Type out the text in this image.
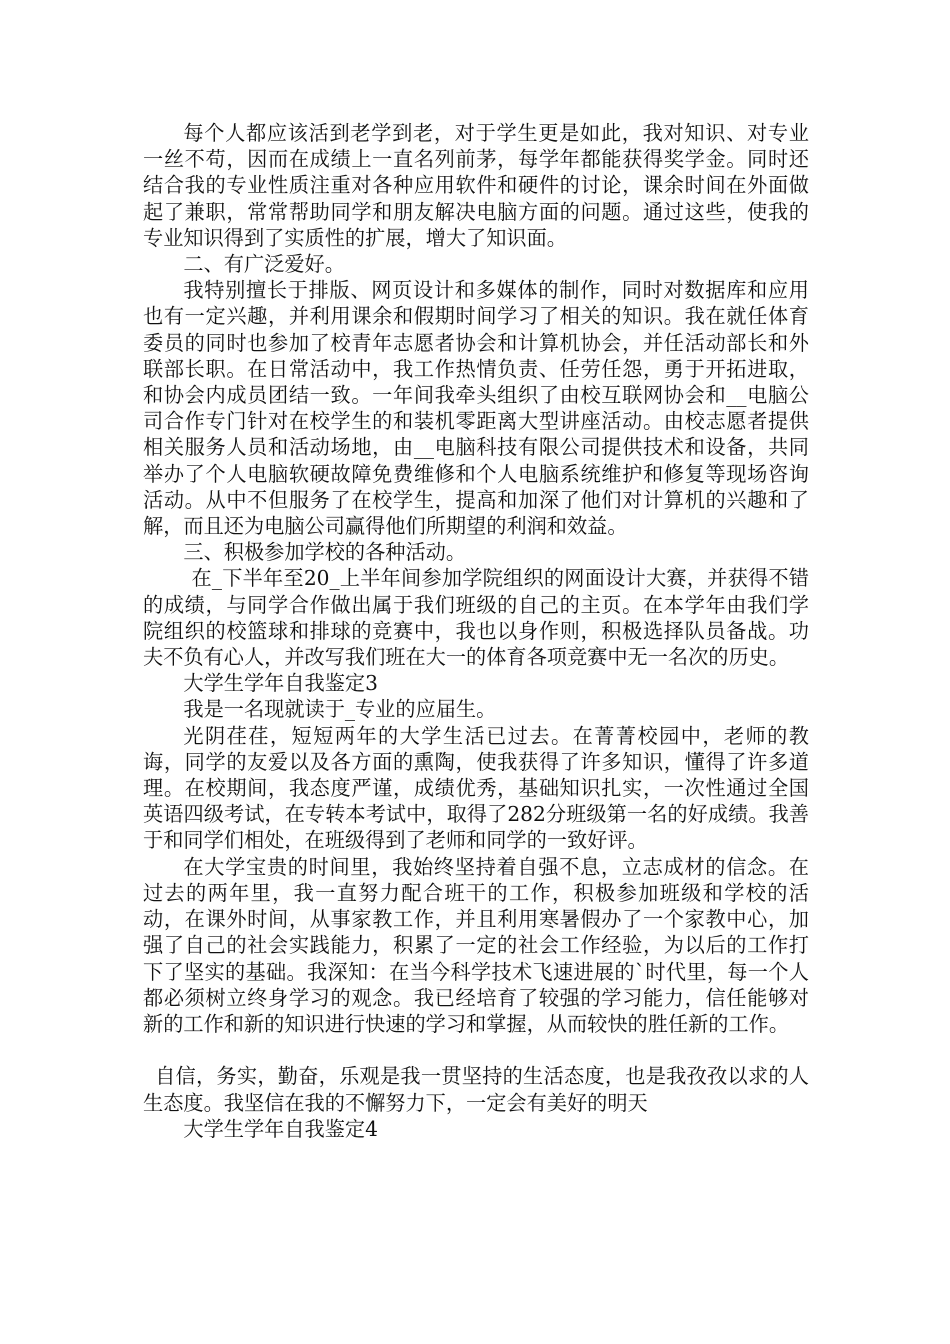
每个人都应该活到老学到老，对于学生更是如此，我对知识、对专业一丝不苟，因而在成绩上一直名列前茅，每学年都能获得奖学金。同时还结合我的专业性质注重对各种应用软件和硬件的讨论，课余时间在外面做起了兼职，常常帮助同学和朋友解决电脑方面的问题。通过这些，使我的专业知识得到了实质性的扩展，增大了知识面。

二、有广泛爱好。

我特别擅长于排版、网页设计和多媒体的制作，同时对数据库和应用也有一定兴趣，并利用课余和假期时间学习了相关的知识。我在就任体育委员的同时也参加了校青年志愿者协会和计算机协会，并任活动部长和外联部长职。在日常活动中，我工作热情负责、任劳任怨，勇于开拓进取，和协会内成员团结一致。一年间我牵头组织了由校互联网协会和__电脑公司合作专门针对在校学生的和装机零距离大型讲座活动。由校志愿者提供相关服务人员和活动场地，由__电脑科技有限公司提供技术和设备，共同举办了个人电脑软硬故障免费维修和个人电脑系统维护和修复等现场咨询活动。从中不但服务了在校学生，提高和加深了他们对计算机的兴趣和了解，而且还为电脑公司赢得他们所期望的利润和效益。

三、积极参加学校的各种活动。

在_下半年至20_上半年间参加学院组织的网面设计大赛，并获得不错的成绩，与同学合作做出属于我们班级的自己的主页。在本学年由我们学院组织的校篮球和排球的竞赛中，我也以身作则，积极选择队员备战。功夫不负有心人，并改写我们班在大一的体育各项竞赛中无一名次的历史。

大学生学年自我鉴定3

我是一名现就读于_专业的应届生。

光阴荏荏，短短两年的大学生活已过去。在菁菁校园中，老师的教诲，同学的友爱以及各方面的熏陶，使我获得了许多知识，懂得了许多道理。在校期间，我态度严谨，成绩优秀，基础知识扎实，一次性通过全国英语四级考试，在专转本考试中，取得了282分班级第一名的好成绩。我善于和同学们相处，在班级得到了老师和同学的一致好评。

在大学宝贵的时间里，我始终坚持着自强不息，立志成材的信念。在过去的两年里，我一直努力配合班干的工作，积极参加班级和学校的活动，在课外时间，从事家教工作，并且利用寒暑假办了一个家教中心，加强了自己的社会实践能力，积累了一定的社会工作经验，为以后的工作打下了坚实的基础。我深知：在当今科学技术飞速进展的`时代里，每一个人都必须树立终身学习的观念。我已经培育了较强的学习能力，信任能够对新的工作和新的知识进行快速的学习和掌握，从而较快的胜任新的工作。

自信，务实，勤奋，乐观是我一贯坚持的生活态度，也是我孜孜以求的人生态度。我坚信在我的不懈努力下，一定会有美好的明天

大学生学年自我鉴定4
